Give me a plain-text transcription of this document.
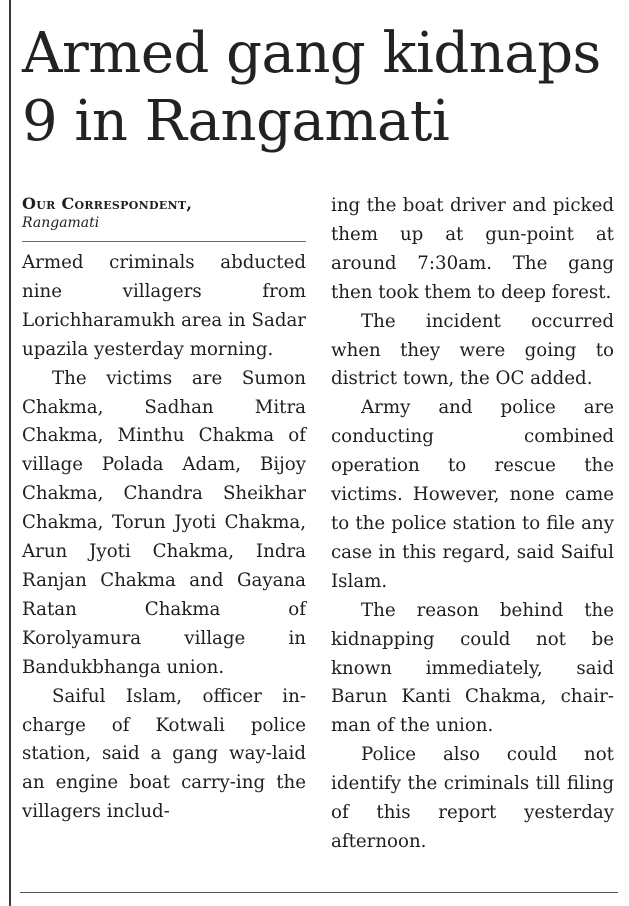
Armed gang kidnaps 9 in Rangamati
Our Correspondent,
Rangamati

Armed criminals abducted nine villagers from Lorichharamukh area in Sadar upazila yesterday morning.

The victims are Sumon Chakma, Sadhan Mitra Chakma, Minthu Chakma of village Polada Adam, Bijoy Chakma, Chandra Sheikhar Chakma, Torun Jyoti Chakma, Arun Jyoti Chakma, Indra Ranjan Chakma and Gayana Ratan Chakma of Korolyamura village in Bandukbhanga union.

Saiful Islam, officer in-charge of Kotwali police station, said a gang way-laid an engine boat carry-ing the villagers includ-

ing the boat driver and picked them up at gun-point at around 7:30am. The gang then took them to deep forest.

The incident occurred when they were going to district town, the OC added.

Army and police are conducting combined operation to rescue the victims. However, none came to the police station to file any case in this regard, said Saiful Islam.

The reason behind the kidnapping could not be known immediately, said Barun Kanti Chakma, chair-man of the union.

Police also could not identify the criminals till filing of this report yesterday afternoon.
